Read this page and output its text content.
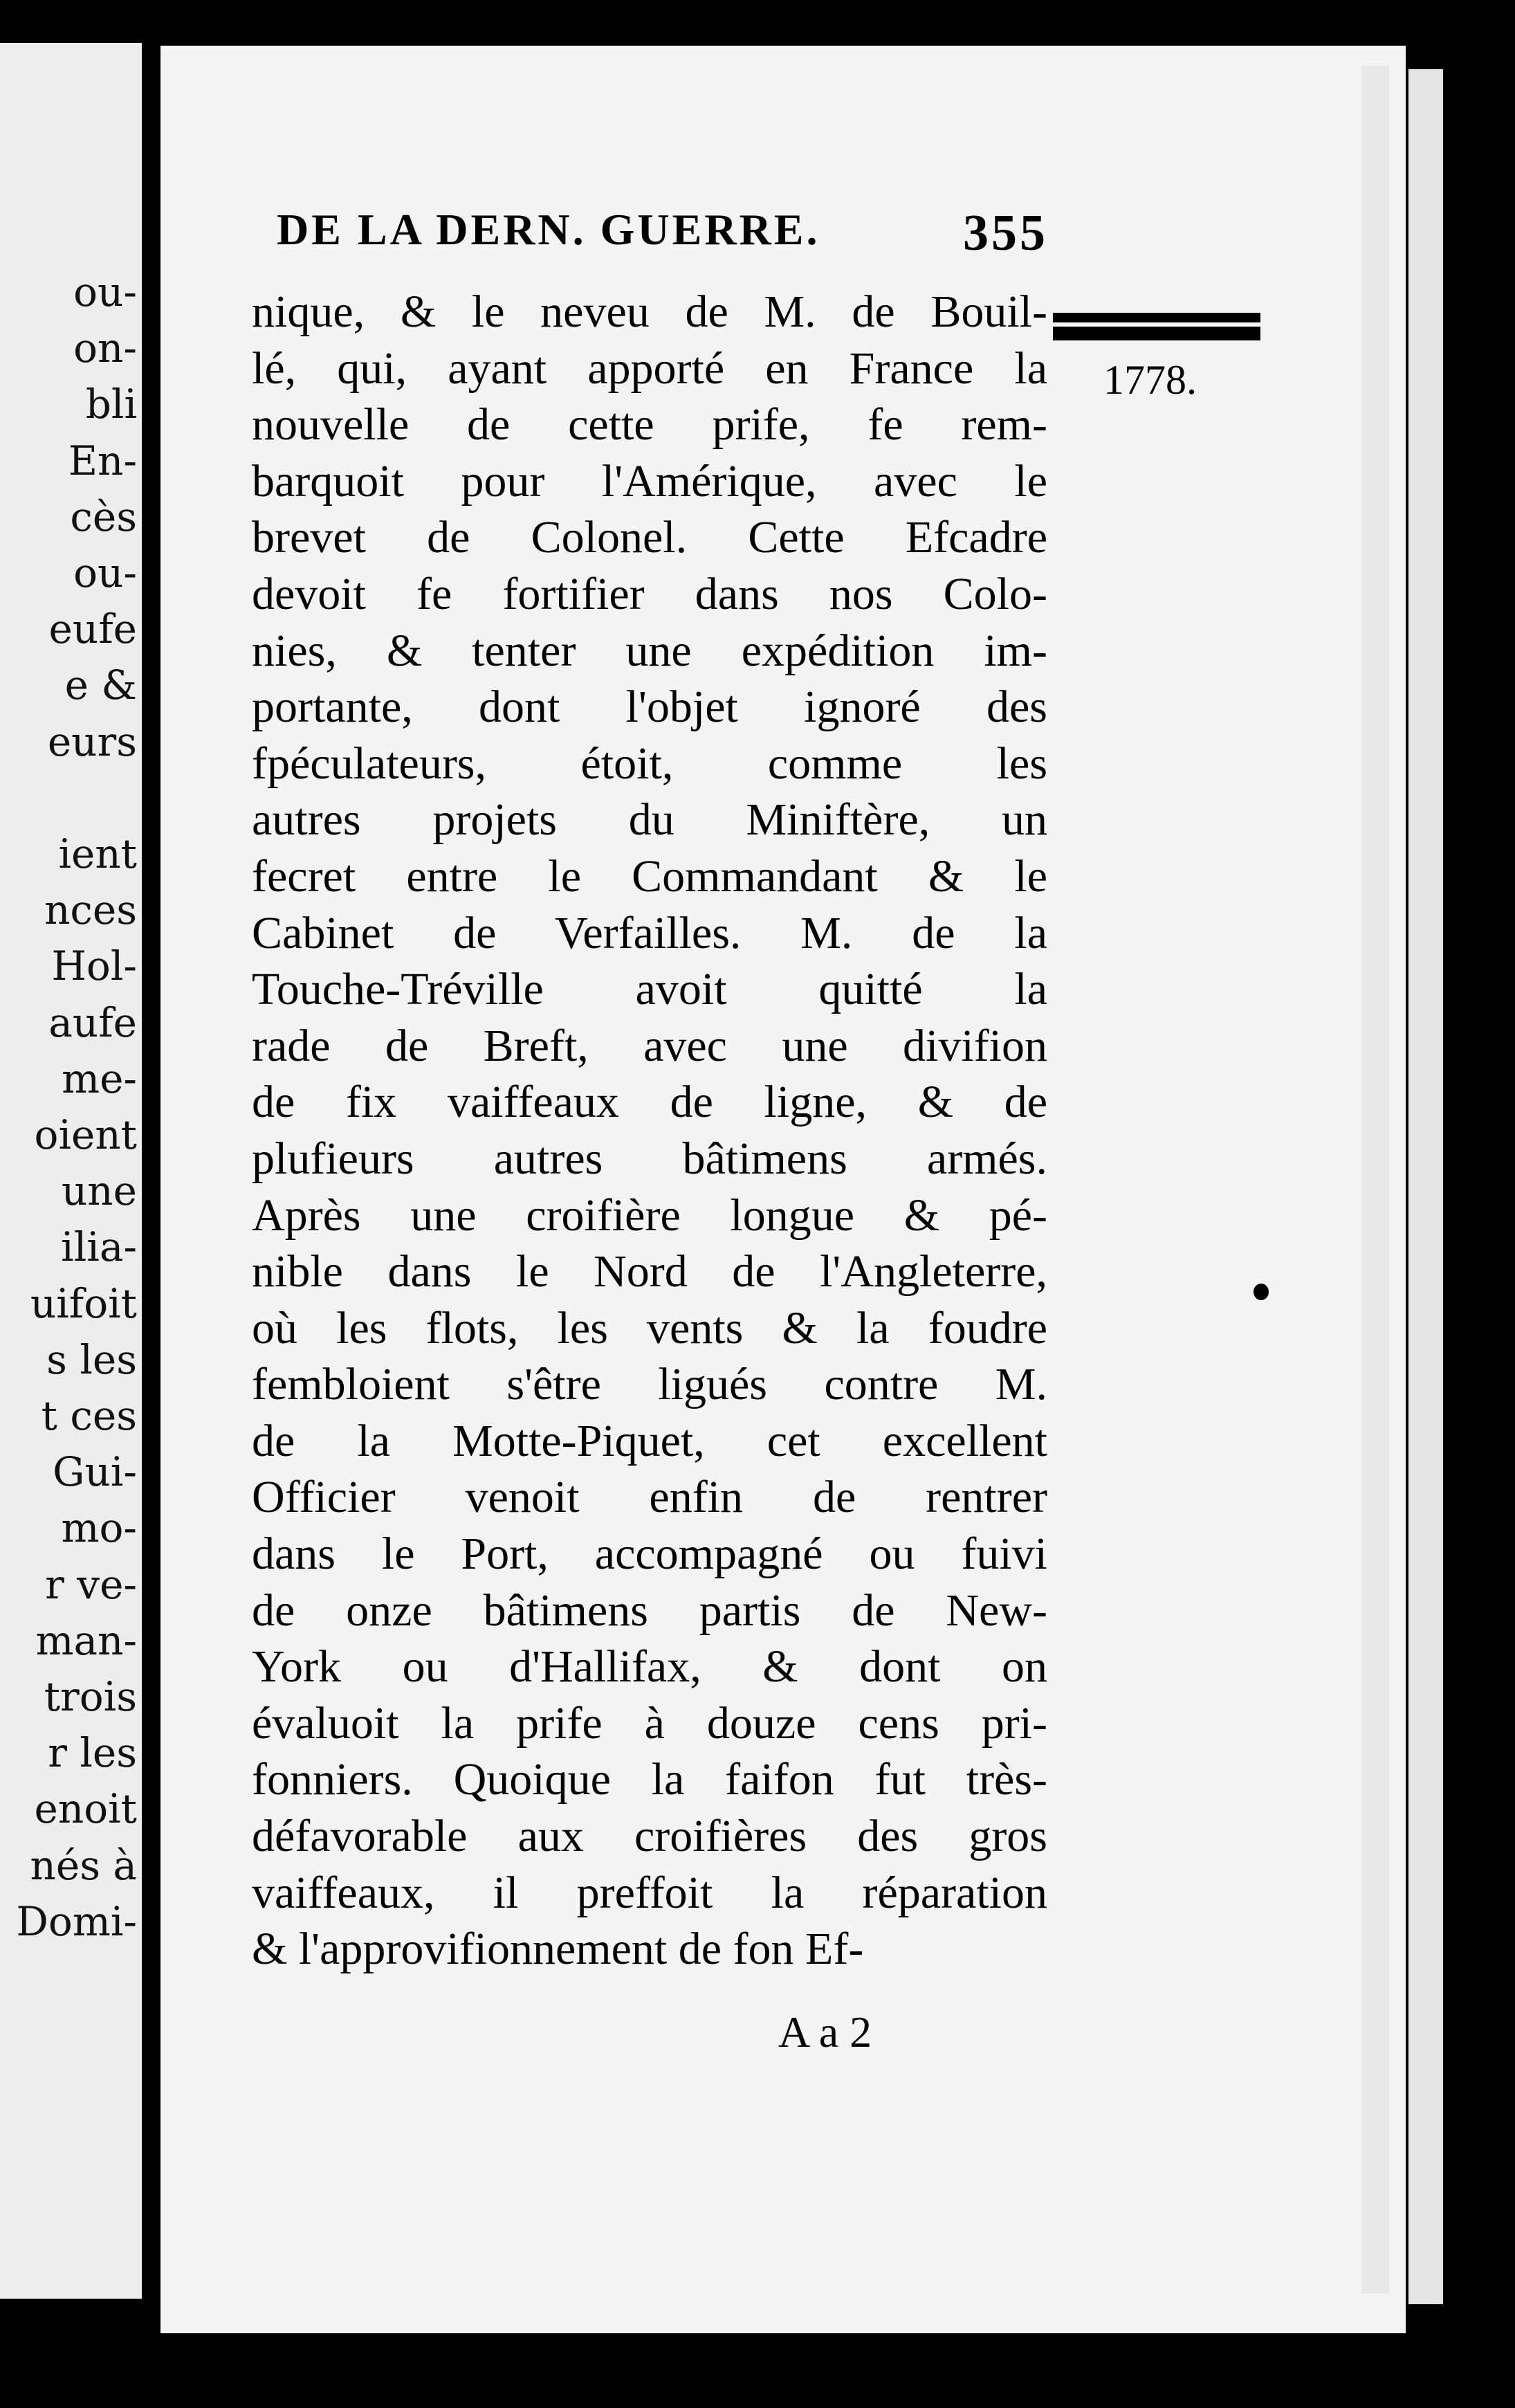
ou-
on-
bli
En-
cès
ou-
eufe
e &
eurs

ient
nces
Hol-
aufe
me-
oient
une
ilia-
uifoit
s les
t ces
Gui-
mo-
r ve-
man-
trois
r les
enoit
nés à
Domi-
DE LA DERN. GUERRE.	355
1778.
nique, & le neveu de M. de Bouil-
lé, qui, ayant apporté en France la
nouvelle de cette prife, fe rem-
barquoit pour l'Amérique, avec le
brevet de Colonel. Cette Efcadre
devoit fe fortifier dans nos Colo-
nies, & tenter une expédition im-
portante, dont l'objet ignoré des
fpéculateurs, étoit, comme les
autres projets du Miniftère, un
fecret entre le Commandant & le
Cabinet de Verfailles. M. de la
Touche-Tréville avoit quitté la
rade de Breft, avec une divifion
de fix vaiffeaux de ligne, & de
plufieurs autres bâtimens armés.
Après une croifière longue & pé-
nible dans le Nord de l'Angleterre,
où les flots, les vents & la foudre
fembloient s'être ligués contre M.
de la Motte-Piquet, cet excellent
Officier venoit enfin de rentrer
dans le Port, accompagné ou fuivi
de onze bâtimens partis de New-
York ou d'Hallifax, & dont on
évaluoit la prife à douze cens pri-
fonniers. Quoique la faifon fut très-
défavorable aux croifières des gros
vaiffeaux, il preffoit la réparation
& l'approvifionnement de fon Ef-
A a 2
